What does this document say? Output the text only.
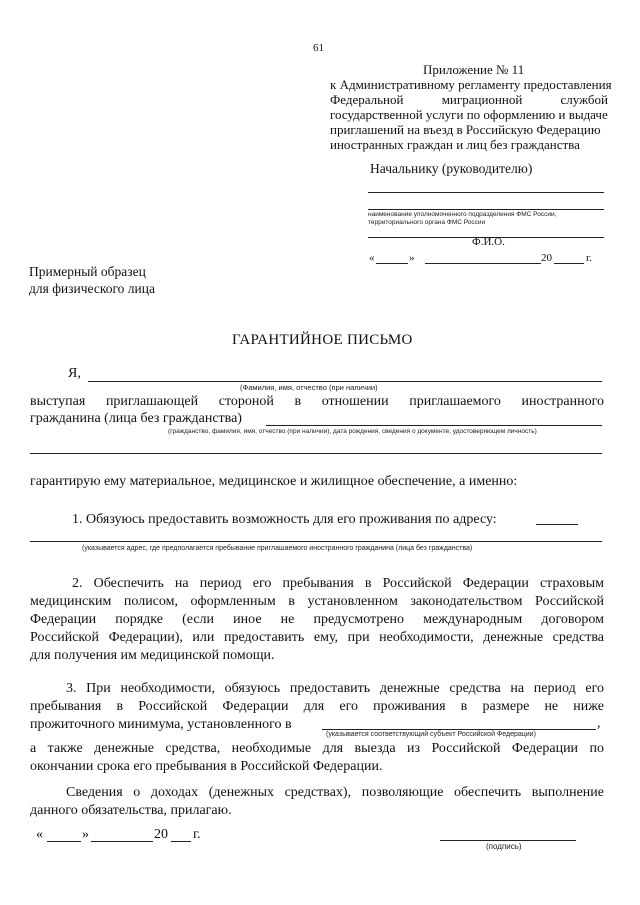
61
Приложение № 11
к Административному регламенту предоставления
Федеральной миграционной службой
государственной услуги по оформлению и выдаче
приглашений на въезд в Российскую Федерацию
иностранных граждан и лиц без гражданства
Начальнику (руководителю)
наименование уполномоченного подразделения ФМС России,
территориального органа ФМС России
Ф.И.О.
«	»	20	г.
Примерный образец
для физического лица
ГАРАНТИЙНОЕ ПИСЬМО
Я,
(Фамилия, имя, отчество (при наличии)
выступая приглашающей стороной в отношении приглашаемого иностранного
гражданина (лица без гражданства)
(гражданство, фамилия, имя, отчество (при наличии), дата рождения, сведения о документе, удостоверяющем личность)
гарантирую ему материальное, медицинское и жилищное обеспечение, а именно:
1. Обязуюсь предоставить возможность для его проживания по адресу:
(указывается адрес, где предполагается пребывание приглашаемого иностранного гражданина (лица без гражданства)
2. Обеспечить на период его пребывания в Российской Федерации страховым
медицинским полисом, оформленным в установленном законодательством Российской
Федерации порядке (если иное не предусмотрено международным договором
Российской Федерации), или предоставить ему, при необходимости, денежные средства
для получения им медицинской помощи.
3. При необходимости, обязуюсь предоставить денежные средства на период его
пребывания в Российской Федерации для его проживания в размере не ниже
прожиточного минимума, установленного в	,
(указывается соответствующий субъект Российской Федерации)
а также денежные средства, необходимые для выезда из Российской Федерации по
окончании срока его пребывания в Российской Федерации.
Сведения о доходах (денежных средствах), позволяющие обеспечить выполнение
данного обязательства, прилагаю.
«	»	20 г.
(подпись)
